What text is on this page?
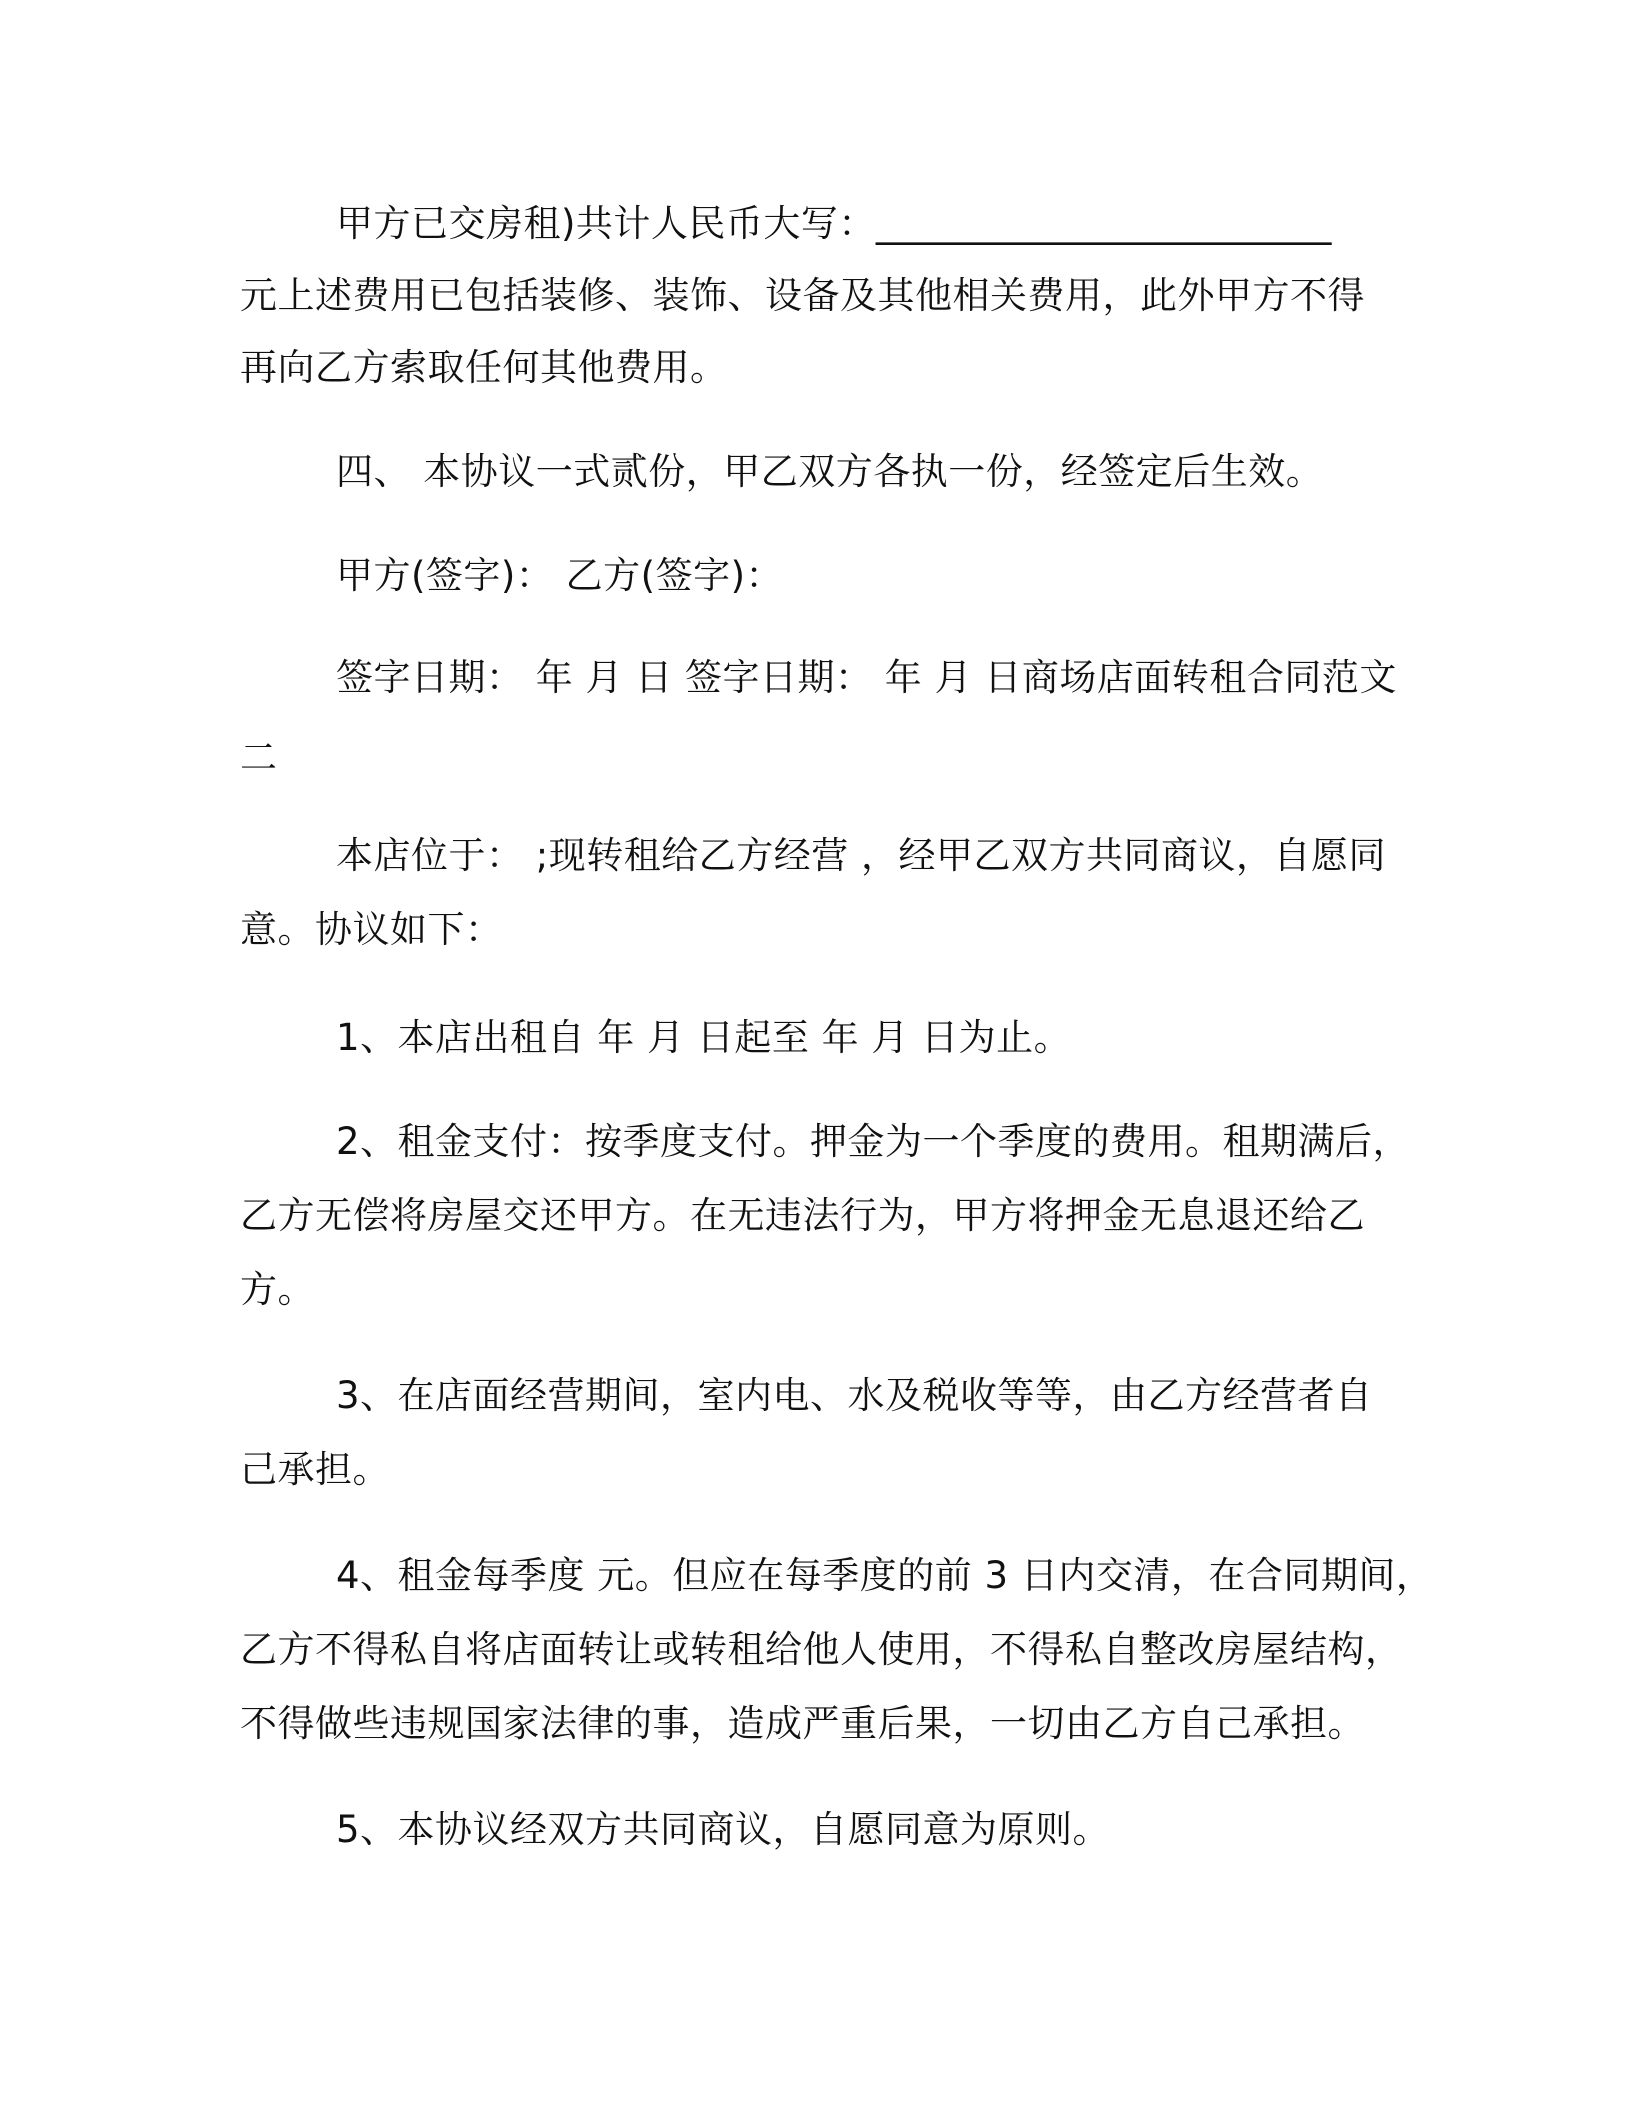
甲方已交房租)共计人民币大写：________________________
元上述费用已包括装修、装饰、设备及其他相关费用，此外甲方不得
再向乙方索取任何其他费用。
四、 本协议一式贰份，甲乙双方各执一份，经签定后生效。
甲方(签字)： 乙方(签字)：
签字日期： 年 月 日 签字日期： 年 月 日商场店面转租合同范文
二
本店位于： ;现转租给乙方经营 ，经甲乙双方共同商议，自愿同
意。协议如下：
1、本店出租自 年 月 日起至 年 月 日为止。
2、租金支付：按季度支付。押金为一个季度的费用。租期满后，
乙方无偿将房屋交还甲方。在无违法行为，甲方将押金无息退还给乙
方。
3、在店面经营期间，室内电、水及税收等等，由乙方经营者自
己承担。
4、租金每季度 元。但应在每季度的前 3 日内交清，在合同期间，
乙方不得私自将店面转让或转租给他人使用，不得私自整改房屋结构，
不得做些违规国家法律的事，造成严重后果，一切由乙方自己承担。
5、本协议经双方共同商议，自愿同意为原则。
